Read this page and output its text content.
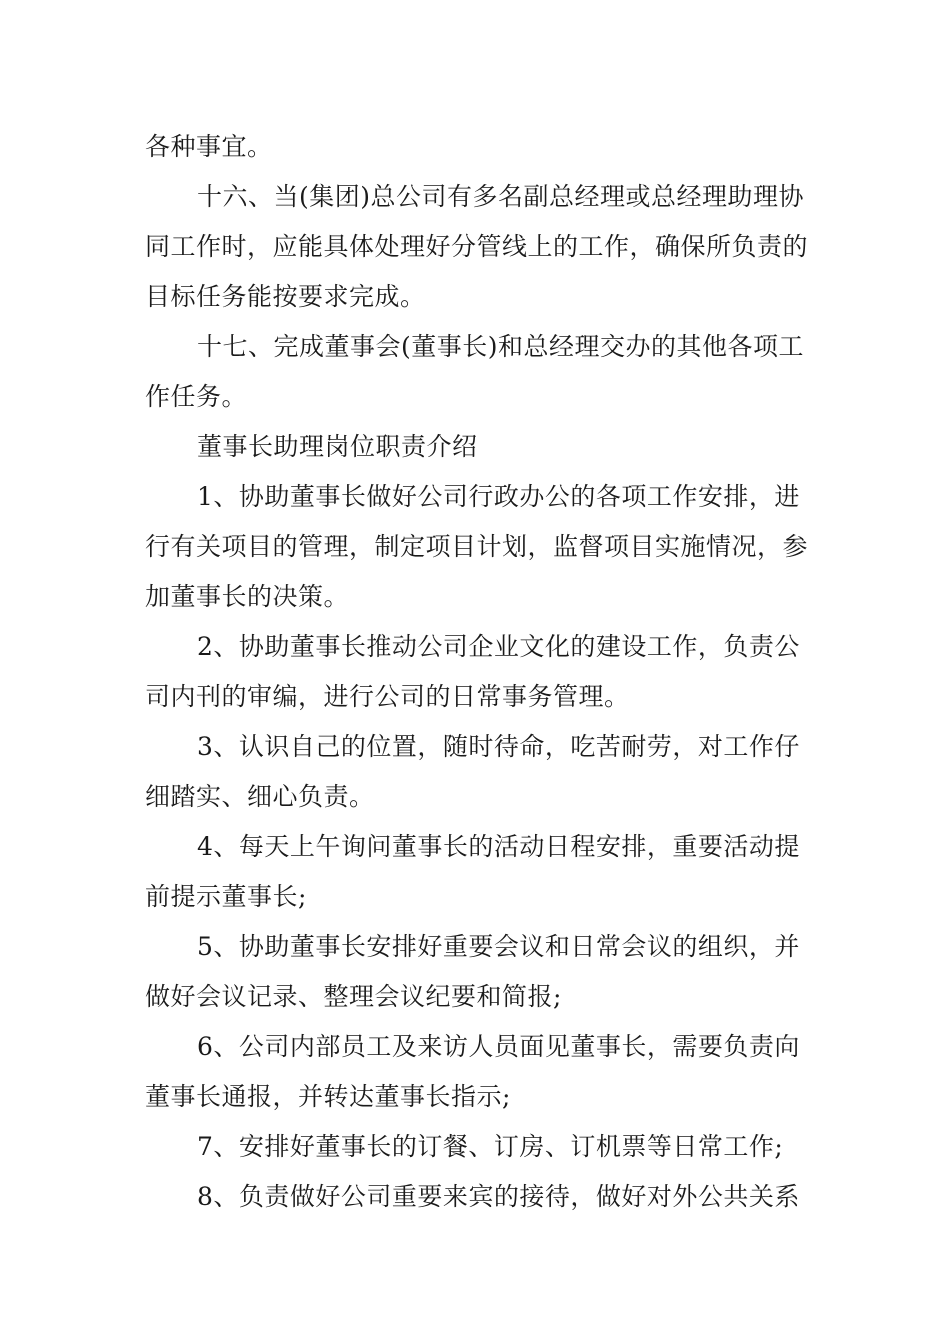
各种事宜。

十六、当(集团)总公司有多名副总经理或总经理助理协同工作时，应能具体处理好分管线上的工作，确保所负责的目标任务能按要求完成。

十七、完成董事会(董事长)和总经理交办的其他各项工作任务。

董事长助理岗位职责介绍

1、协助董事长做好公司行政办公的各项工作安排，进行有关项目的管理，制定项目计划，监督项目实施情况，参加董事长的决策。

2、协助董事长推动公司企业文化的建设工作，负责公司内刊的审编，进行公司的日常事务管理。

3、认识自己的位置，随时待命，吃苦耐劳，对工作仔细踏实、细心负责。

4、每天上午询问董事长的活动日程安排，重要活动提前提示董事长;

5、协助董事长安排好重要会议和日常会议的组织，并做好会议记录、整理会议纪要和简报;

6、公司内部员工及来访人员面见董事长，需要负责向董事长通报，并转达董事长指示;

7、安排好董事长的订餐、订房、订机票等日常工作;

8、负责做好公司重要来宾的接待，做好对外公共关系
